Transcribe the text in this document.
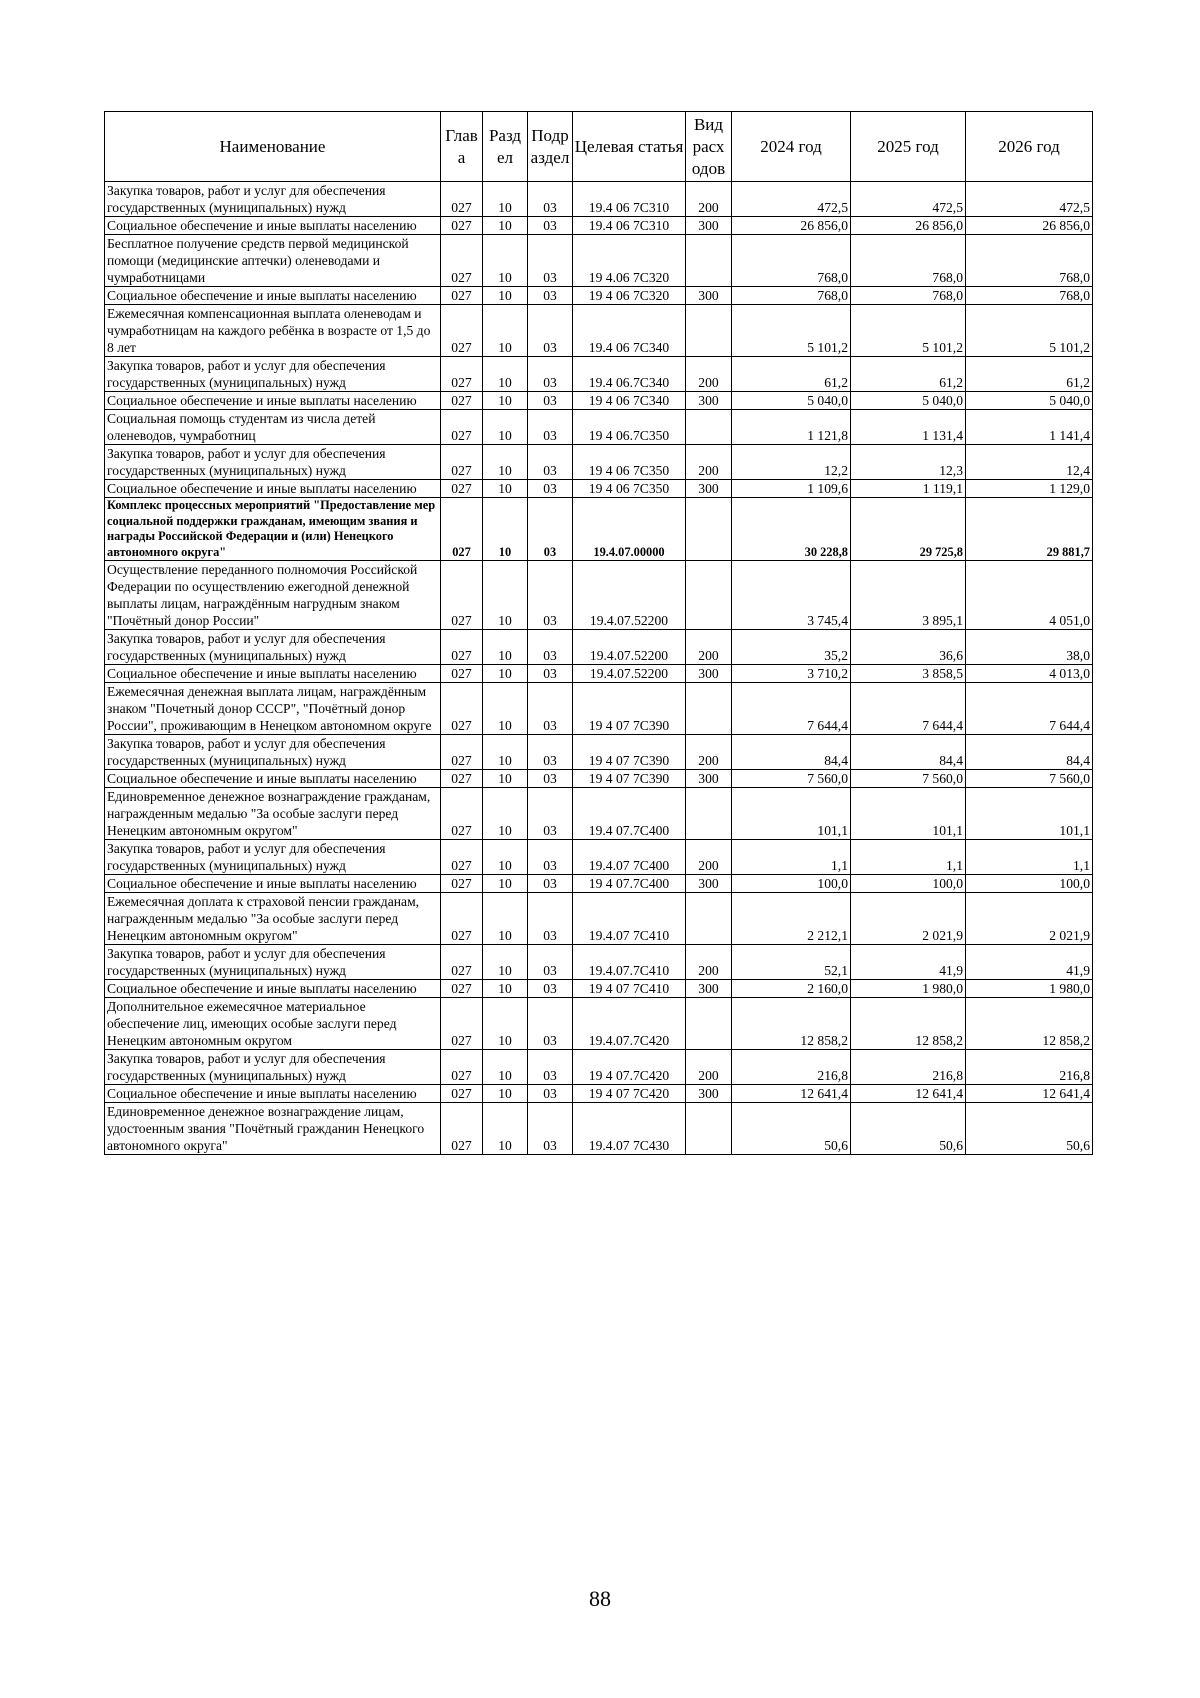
Наименование	Глав а	Разд ел	Подр аздел	Целевая статья	Вид расх одов	2024 год	2025 год	2026 год
Закупка товаров, работ и услуг для обеспечения государственных (муниципальных) нужд	027	10	03	19.4 06 7С310	200	472,5	472,5	472,5
Социальное обеспечение и иные выплаты населению	027	10	03	19.4 06 7С310	300	26 856,0	26 856,0	26 856,0
Бесплатное получение средств первой медицинской помощи (медицинские аптечки) оленеводами и чумработницами	027	10	03	19 4.06 7С320		768,0	768,0	768,0
Социальное обеспечение и иные выплаты населению	027	10	03	19 4 06 7С320	300	768,0	768,0	768,0
Ежемесячная компенсационная выплата оленеводам и чумработницам на каждого ребёнка в возрасте от 1,5 до 8 лет	027	10	03	19.4 06 7С340		5 101,2	5 101,2	5 101,2
Закупка товаров, работ и услуг для обеспечения государственных (муниципальных) нужд	027	10	03	19.4 06.7С340	200	61,2	61,2	61,2
Социальное обеспечение и иные выплаты населению	027	10	03	19 4 06 7С340	300	5 040,0	5 040,0	5 040,0
Социальная помощь студентам из числа детей оленеводов, чумработниц	027	10	03	19 4 06.7С350		1 121,8	1 131,4	1 141,4
Закупка товаров, работ и услуг для обеспечения государственных (муниципальных) нужд	027	10	03	19 4 06 7С350	200	12,2	12,3	12,4
Социальное обеспечение и иные выплаты населению	027	10	03	19 4 06 7С350	300	1 109,6	1 119,1	1 129,0
Комплекс процессных мероприятий "Предоставление мер социальной поддержки гражданам, имеющим звания и награды Российской Федерации и (или) Ненецкого автономного округа"	027	10	03	19.4.07.00000		30 228,8	29 725,8	29 881,7
Осуществление переданного полномочия Российской Федерации по осуществлению ежегодной денежной выплаты лицам, награждённым нагрудным знаком "Почётный донор России"	027	10	03	19.4.07.52200		3 745,4	3 895,1	4 051,0
Закупка товаров, работ и услуг для обеспечения государственных (муниципальных) нужд	027	10	03	19.4.07.52200	200	35,2	36,6	38,0
Социальное обеспечение и иные выплаты населению	027	10	03	19.4.07.52200	300	3 710,2	3 858,5	4 013,0
Ежемесячная денежная выплата лицам, награждённым знаком "Почетный донор СССР", "Почётный донор России", проживающим в Ненецком автономном округе	027	10	03	19 4 07 7С390		7 644,4	7 644,4	7 644,4
Закупка товаров, работ и услуг для обеспечения государственных (муниципальных) нужд	027	10	03	19 4 07 7С390	200	84,4	84,4	84,4
Социальное обеспечение и иные выплаты населению	027	10	03	19 4 07 7С390	300	7 560,0	7 560,0	7 560,0
Единовременное денежное вознаграждение гражданам, награжденным медалью "За особые заслуги перед Ненецким автономным округом"	027	10	03	19.4 07.7С400		101,1	101,1	101,1
Закупка товаров, работ и услуг для обеспечения государственных (муниципальных) нужд	027	10	03	19.4.07 7С400	200	1,1	1,1	1,1
Социальное обеспечение и иные выплаты населению	027	10	03	19 4 07.7С400	300	100,0	100,0	100,0
Ежемесячная доплата к страховой пенсии гражданам, награжденным медалью "За особые заслуги перед Ненецким автономным округом"	027	10	03	19.4.07 7С410		2 212,1	2 021,9	2 021,9
Закупка товаров, работ и услуг для обеспечения государственных (муниципальных) нужд	027	10	03	19.4.07.7С410	200	52,1	41,9	41,9
Социальное обеспечение и иные выплаты населению	027	10	03	19 4 07 7С410	300	2 160,0	1 980,0	1 980,0
Дополнительное ежемесячное материальное обеспечение лиц, имеющих особые заслуги перед Ненецким автономным округом	027	10	03	19.4.07.7С420		12 858,2	12 858,2	12 858,2
Закупка товаров, работ и услуг для обеспечения государственных (муниципальных) нужд	027	10	03	19 4 07.7С420	200	216,8	216,8	216,8
Социальное обеспечение и иные выплаты населению	027	10	03	19 4 07 7С420	300	12 641,4	12 641,4	12 641,4
Единовременное денежное вознаграждение лицам, удостоенным звания "Почётный гражданин Ненецкого автономного округа"	027	10	03	19.4.07 7С430		50,6	50,6	50,6
88
